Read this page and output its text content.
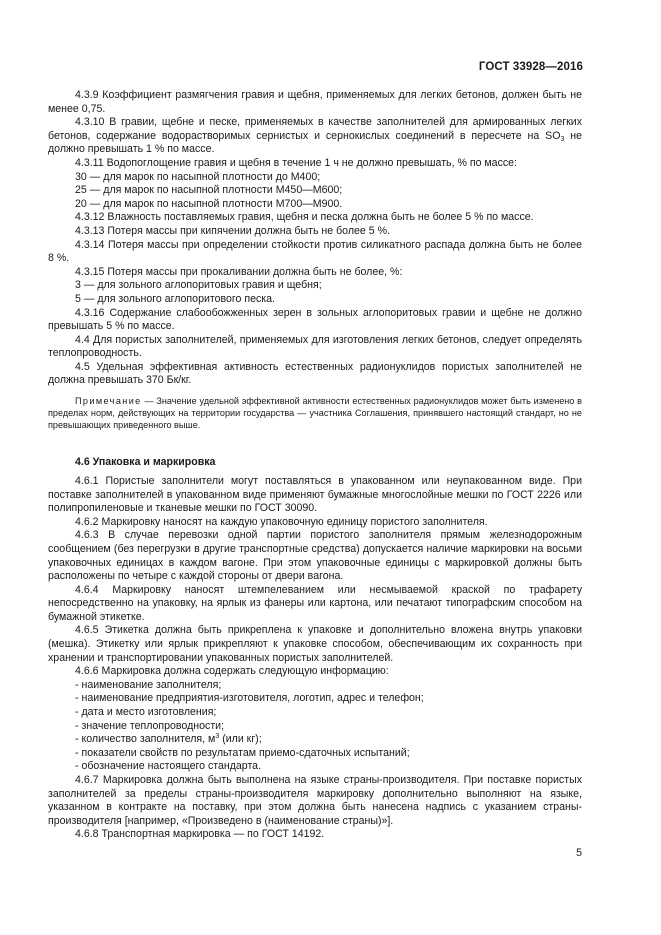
ГОСТ 33928—2016

4.3.9 Коэффициент размягчения гравия и щебня, применяемых для легких бетонов, должен быть не менее 0,75.

4.3.10 В гравии, щебне и песке, применяемых в качестве заполнителей для армированных легких бетонов, содержание водорастворимых сернистых и сернокислых соединений в пересчете на $SO_3$ не должно превышать 1 % по массе.

4.3.11 Водопоглощение гравия и щебня в течение 1 ч не должно превышать, % по массе:

30 — для марок по насыпной плотности до М400;

25 — для марок по насыпной плотности М450—М600;

20 — для марок по насыпной плотности М700—М900.

4.3.12 Влажность поставляемых гравия, щебня и песка должна быть не более 5 % по массе.

4.3.13 Потеря массы при кипячении должна быть не более 5 %.

4.3.14 Потеря массы при определении стойкости против силикатного распада должна быть не более 8 %.

4.3.15 Потеря массы при прокаливании должна быть не более, %:

3 — для зольного аглопоритовых гравия и щебня;

5 — для зольного аглопоритового песка.

4.3.16 Содержание слабообожженных зерен в зольных аглопоритовых гравии и щебне не должно превышать 5 % по массе.

4.4 Для пористых заполнителей, применяемых для изготовления легких бетонов, следует определять теплопроводность.

4.5 Удельная эффективная активность естественных радионуклидов пористых заполнителей не должна превышать 370 Бк/кг.

Примечание — Значение удельной эффективной активности естественных радионуклидов может быть изменено в пределах норм, действующих на территории государства — участника Соглашения, принявшего настоящий стандарт, но не превышающих приведенного выше.

4.6 Упаковка и маркировка

4.6.1 Пористые заполнители могут поставляться в упакованном или неупакованном виде. При поставке заполнителей в упакованном виде применяют бумажные многослойные мешки по ГОСТ 2226 или полипропиленовые и тканевые мешки по ГОСТ 30090.

4.6.2 Маркировку наносят на каждую упаковочную единицу пористого заполнителя.

4.6.3 В случае перевозки одной партии пористого заполнителя прямым железнодорожным сообщением (без перегрузки в другие транспортные средства) допускается наличие маркировки на восьми упаковочных единицах в каждом вагоне. При этом упаковочные единицы с маркировкой должны быть расположены по четыре с каждой стороны от двери вагона.

4.6.4 Маркировку наносят штемпелеванием или несмываемой краской по трафарету непосредственно на упаковку, на ярлык из фанеры или картона, или печатают типографским способом на бумажной этикетке.

4.6.5 Этикетка должна быть прикреплена к упаковке и дополнительно вложена внутрь упаковки (мешка). Этикетку или ярлык прикрепляют к упаковке способом, обеспечивающим их сохранность при хранении и транспортировании упакованных пористых заполнителей.

4.6.6 Маркировка должна содержать следующую информацию:

- наименование заполнителя;

- наименование предприятия-изготовителя, логотип, адрес и телефон;

- дата и место изготовления;

- значение теплопроводности;

- количество заполнителя, $м^3$ (или кг);

- показатели свойств по результатам приемо-сдаточных испытаний;

- обозначение настоящего стандарта.

4.6.7 Маркировка должна быть выполнена на языке страны-производителя. При поставке пористых заполнителей за пределы страны-производителя маркировку дополнительно выполняют на языке, указанном в контракте на поставку, при этом должна быть нанесена надпись с указанием страны-производителя [например, «Произведено в (наименование страны)»].

4.6.8 Транспортная маркировка — по ГОСТ 14192.

5
